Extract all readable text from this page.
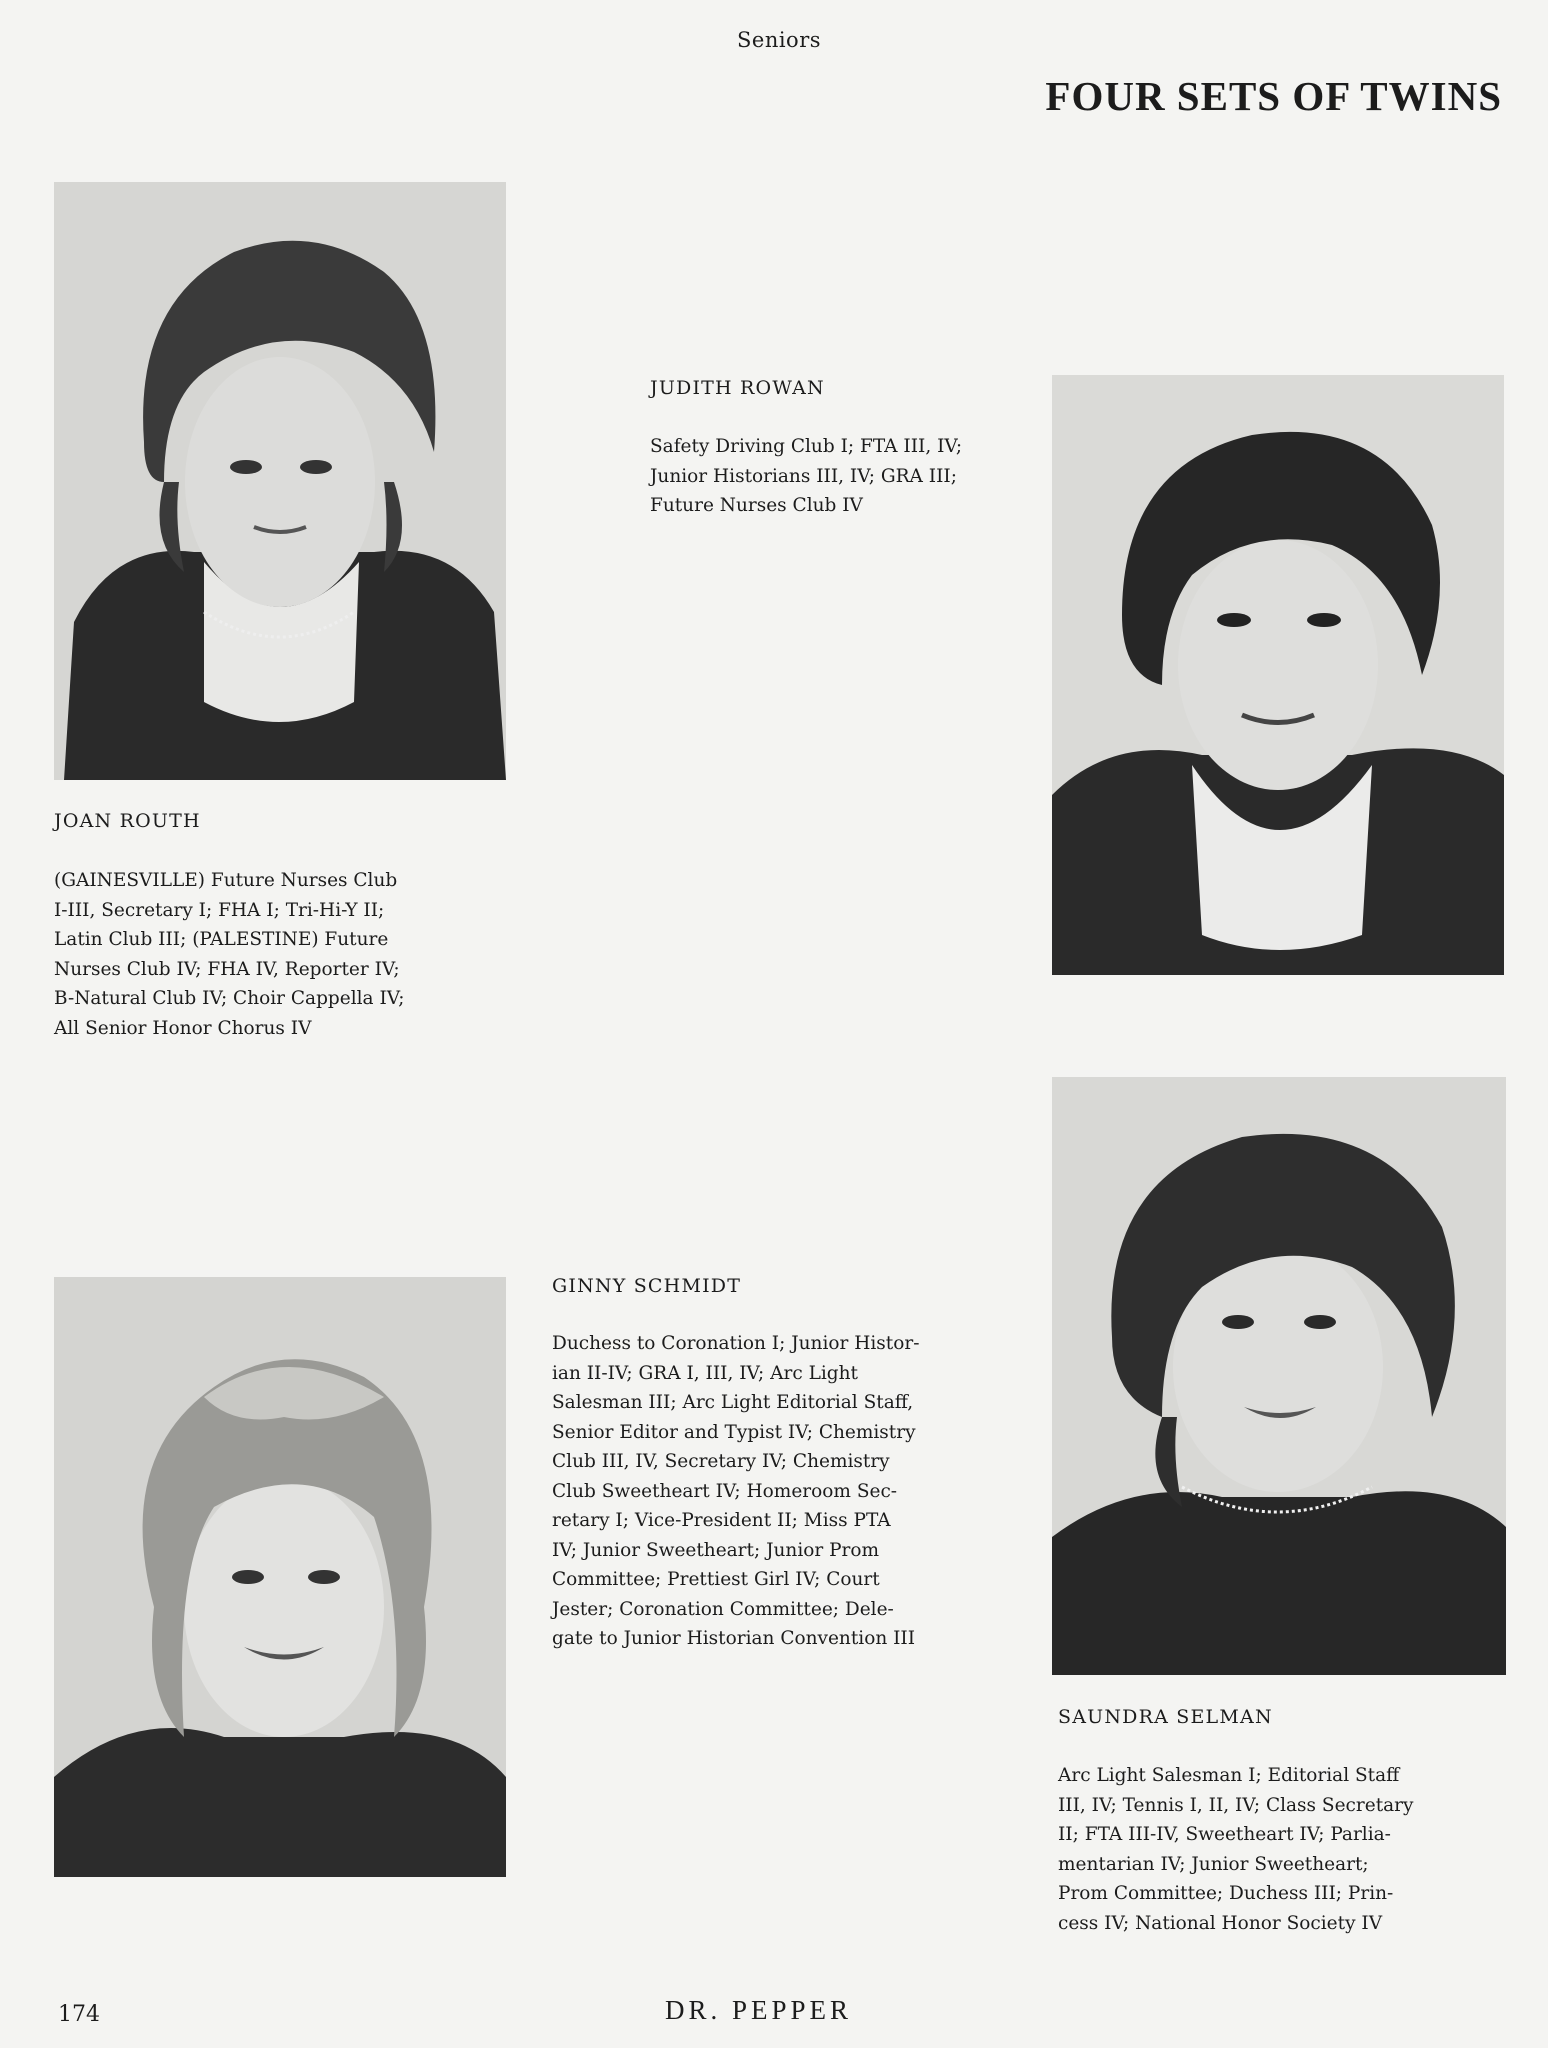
Seniors
FOUR SETS OF TWINS
JOAN ROUTH
(GAINESVILLE) Future Nurses Club
I-III, Secretary I; FHA I; Tri-Hi-Y II;
Latin Club III; (PALESTINE) Future
Nurses Club IV; FHA IV, Reporter IV;
B-Natural Club IV; Choir Cappella IV;
All Senior Honor Chorus IV
JUDITH ROWAN
Safety Driving Club I; FTA III, IV;
Junior Historians III, IV; GRA III;
Future Nurses Club IV
GINNY SCHMIDT
Duchess to Coronation I; Junior Histor-
ian II-IV; GRA I, III, IV; Arc Light
Salesman III; Arc Light Editorial Staff,
Senior Editor and Typist IV; Chemistry
Club III, IV, Secretary IV; Chemistry
Club Sweetheart IV; Homeroom Sec-
retary I; Vice-President II; Miss PTA
IV; Junior Sweetheart; Junior Prom
Committee; Prettiest Girl IV; Court
Jester; Coronation Committee; Dele-
gate to Junior Historian Convention III
SAUNDRA SELMAN
Arc Light Salesman I; Editorial Staff
III, IV; Tennis I, II, IV; Class Secretary
II; FTA III-IV, Sweetheart IV; Parlia-
mentarian IV; Junior Sweetheart;
Prom Committee; Duchess III; Prin-
cess IV; National Honor Society IV
174	DR. PEPPER
